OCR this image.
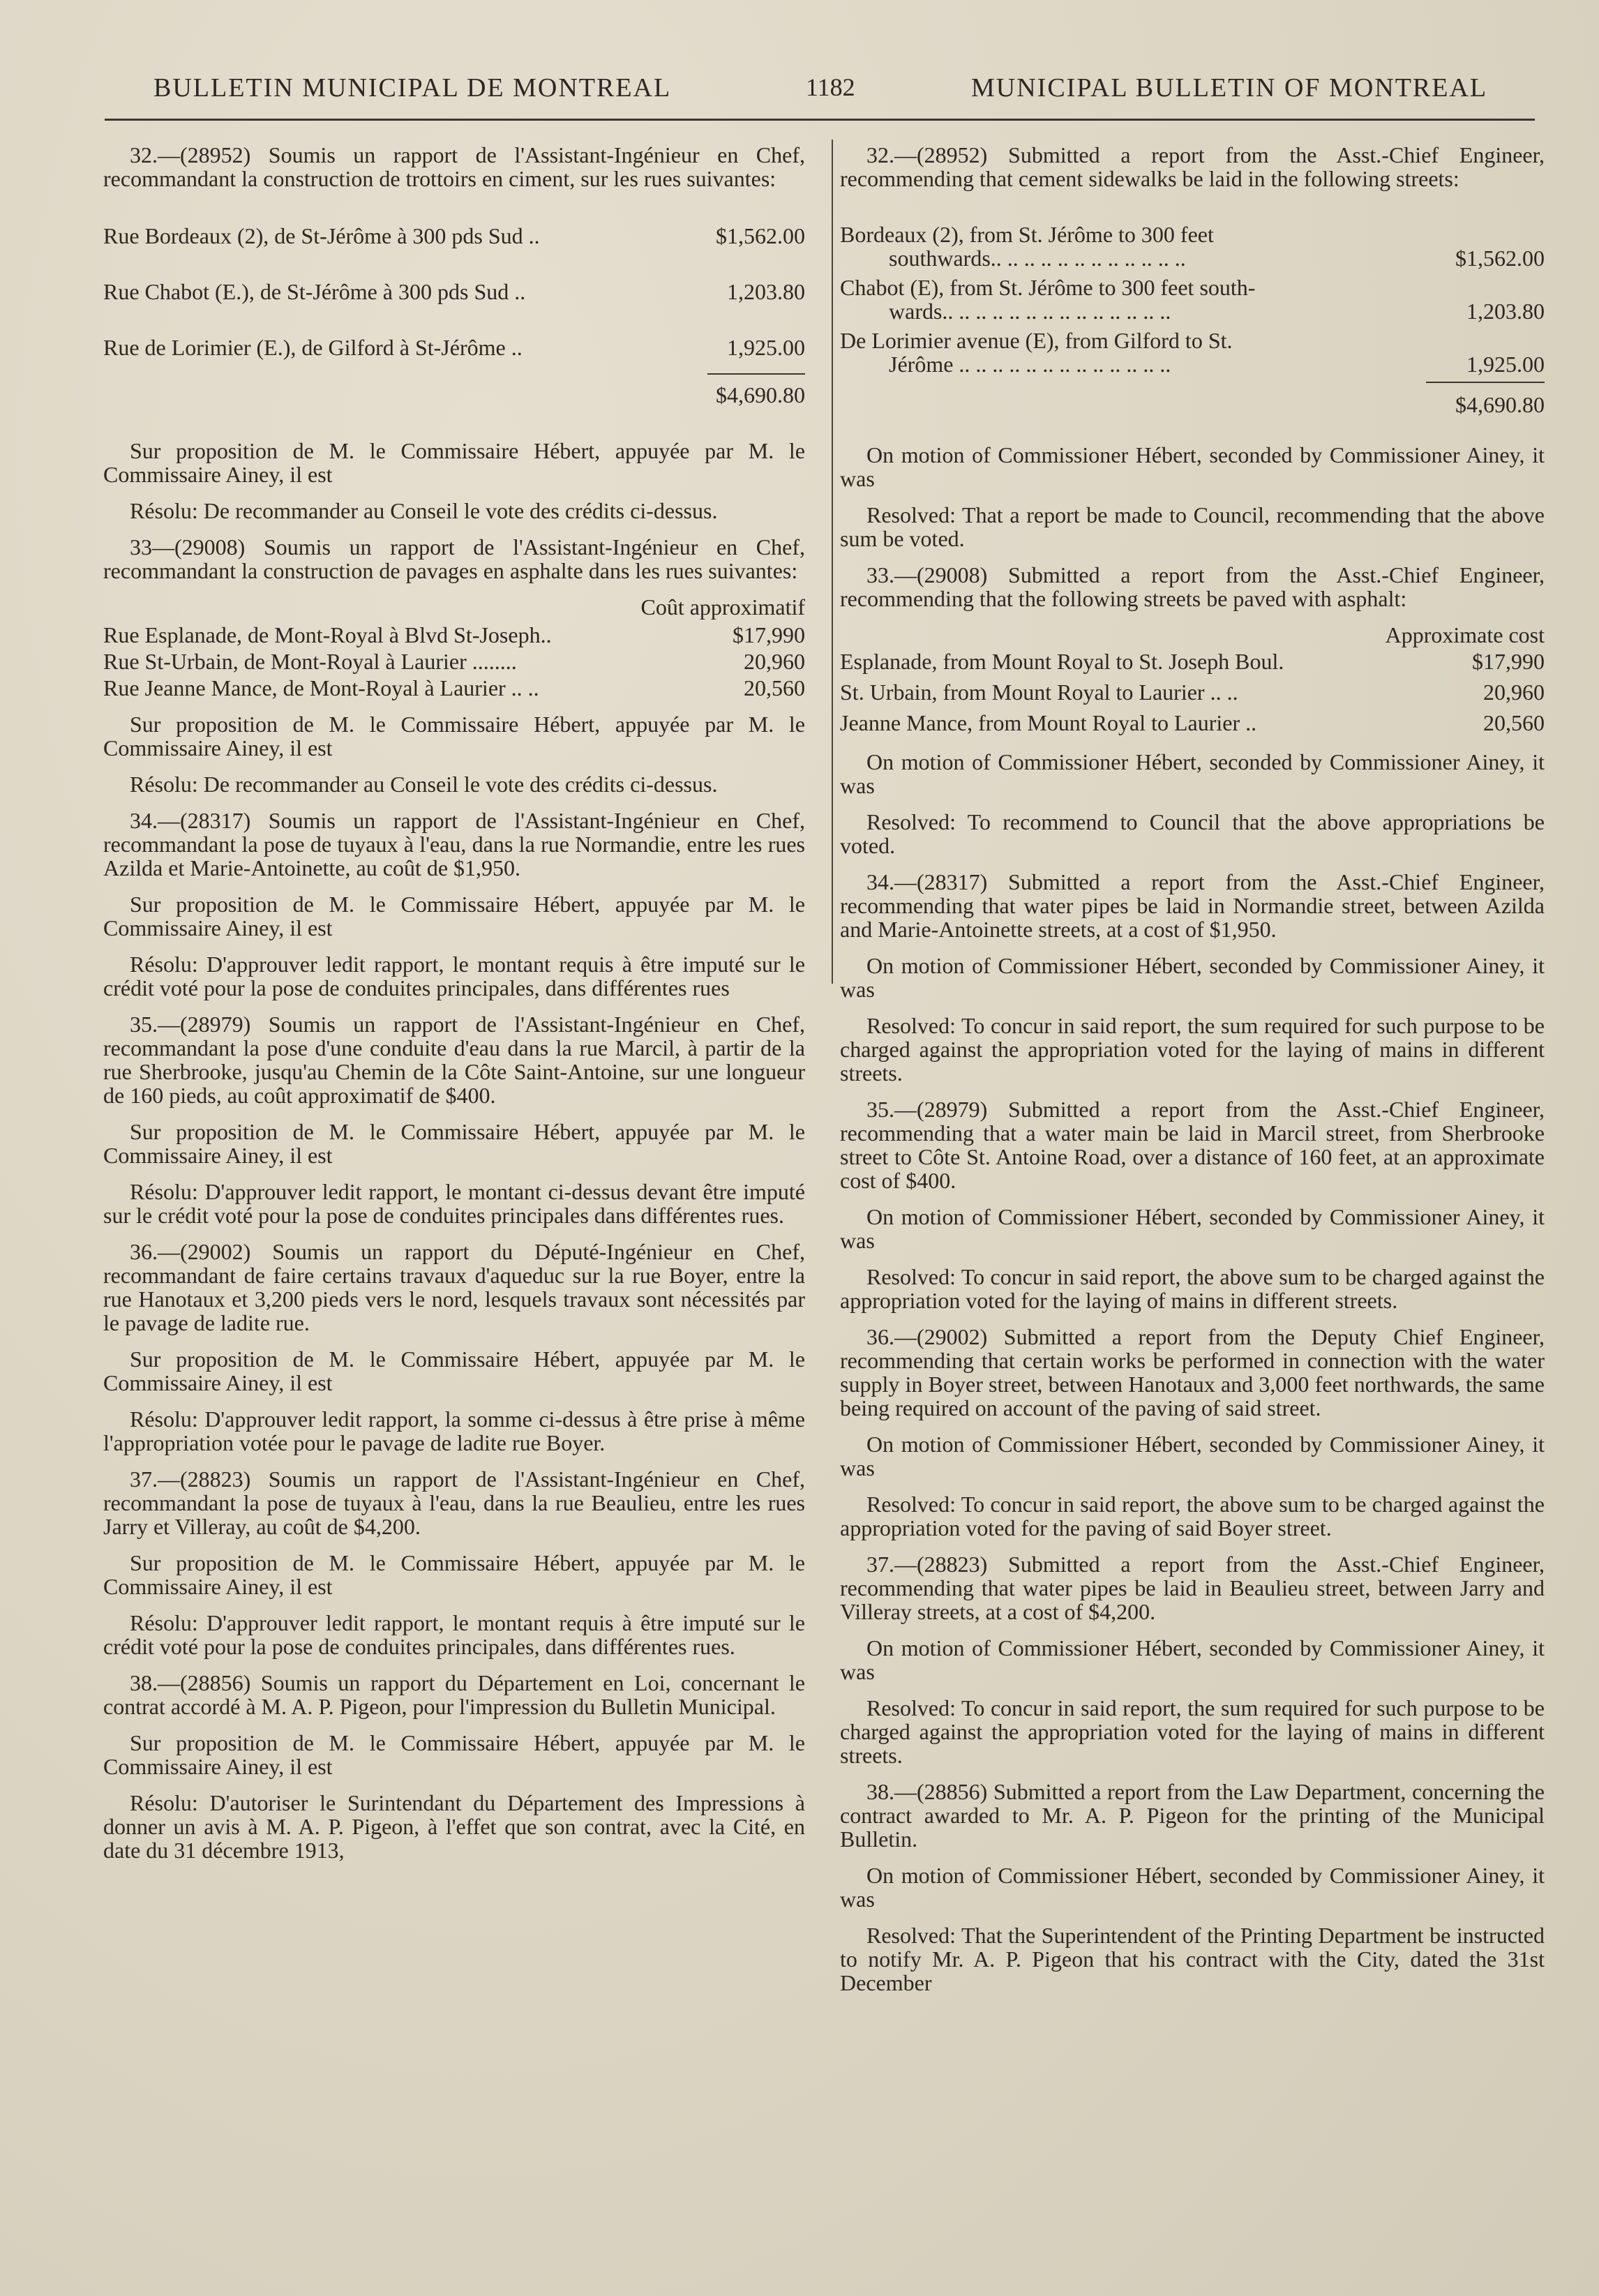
BULLETIN MUNICIPAL DE MONTREAL	1182	MUNICIPAL BULLETIN OF MONTREAL

32.—(28952) Soumis un rapport de l'Assistant-Ingénieur en Chef, recommandant la construction de trottoirs en ciment, sur les rues suivantes:

Rue Bordeaux (2), de St-Jérôme à 300 pds Sud ..	$1,562.00
Rue Chabot (E.), de St-Jérôme à 300 pds Sud ..	1,203.80
Rue de Lorimier (E.), de Gilford à St-Jérôme ..	1,925.00
$4,690.80

Sur proposition de M. le Commissaire Hébert, appuyée par M. le Commissaire Ainey, il est

Résolu: De recommander au Conseil le vote des crédits ci-dessus.

33—(29008) Soumis un rapport de l'Assistant-Ingénieur en Chef, recommandant la construction de pavages en asphalte dans les rues suivantes:

Coût approximatif
Rue Esplanade, de Mont-Royal à Blvd St-Joseph..	$17,990
Rue St-Urbain, de Mont-Royal à Laurier ........	20,960
Rue Jeanne Mance, de Mont-Royal à Laurier .. ..	20,560

Sur proposition de M. le Commissaire Hébert, appuyée par M. le Commissaire Ainey, il est

Résolu: De recommander au Conseil le vote des crédits ci-dessus.

34.—(28317) Soumis un rapport de l'Assistant-Ingénieur en Chef, recommandant la pose de tuyaux à l'eau, dans la rue Normandie, entre les rues Azilda et Marie-Antoinette, au coût de $1,950.

Sur proposition de M. le Commissaire Hébert, appuyée par M. le Commissaire Ainey, il est

Résolu: D'approuver ledit rapport, le montant requis à être imputé sur le crédit voté pour la pose de conduites principales, dans différentes rues

35.—(28979) Soumis un rapport de l'Assistant-Ingénieur en Chef, recommandant la pose d'une conduite d'eau dans la rue Marcil, à partir de la rue Sherbrooke, jusqu'au Chemin de la Côte Saint-Antoine, sur une longueur de 160 pieds, au coût approximatif de $400.

Sur proposition de M. le Commissaire Hébert, appuyée par M. le Commissaire Ainey, il est

Résolu: D'approuver ledit rapport, le montant ci-dessus devant être imputé sur le crédit voté pour la pose de conduites principales dans différentes rues.

36.—(29002) Soumis un rapport du Député-Ingénieur en Chef, recommandant de faire certains travaux d'aqueduc sur la rue Boyer, entre la rue Hanotaux et 3,200 pieds vers le nord, lesquels travaux sont nécessités par le pavage de ladite rue.

Sur proposition de M. le Commissaire Hébert, appuyée par M. le Commissaire Ainey, il est

Résolu: D'approuver ledit rapport, la somme ci-dessus à être prise à même l'appropriation votée pour le pavage de ladite rue Boyer.

37.—(28823) Soumis un rapport de l'Assistant-Ingénieur en Chef, recommandant la pose de tuyaux à l'eau, dans la rue Beaulieu, entre les rues Jarry et Villeray, au coût de $4,200.

Sur proposition de M. le Commissaire Hébert, appuyée par M. le Commissaire Ainey, il est

Résolu: D'approuver ledit rapport, le montant requis à être imputé sur le crédit voté pour la pose de conduites principales, dans différentes rues.

38.—(28856) Soumis un rapport du Département en Loi, concernant le contrat accordé à M. A. P. Pigeon, pour l'impression du Bulletin Municipal.

Sur proposition de M. le Commissaire Hébert, appuyée par M. le Commissaire Ainey, il est

Résolu: D'autoriser le Surintendant du Département des Impressions à donner un avis à M. A. P. Pigeon, à l'effet que son contrat, avec la Cité, en date du 31 décembre 1913,

32.—(28952) Submitted a report from the Asst.-Chief Engineer, recommending that cement sidewalks be laid in the following streets:

Bordeaux (2), from St. Jérôme to 300 feet
southwards.. .. .. .. .. .. .. .. .. .. .. ..	$1,562.00
Chabot (E), from St. Jérôme to 300 feet south-
wards.. .. .. .. .. .. .. .. .. .. .. .. .. ..	1,203.80
De Lorimier avenue (E), from Gilford to St.
Jérôme .. .. .. .. .. .. .. .. .. .. .. .. ..	1,925.00
$4,690.80

On motion of Commissioner Hébert, seconded by Commissioner Ainey, it was

Resolved: That a report be made to Council, recommending that the above sum be voted.

33.—(29008) Submitted a report from the Asst.-Chief Engineer, recommending that the following streets be paved with asphalt:

Approximate cost
Esplanade, from Mount Royal to St. Joseph Boul.	$17,990
St. Urbain, from Mount Royal to Laurier .. ..	20,960
Jeanne Mance, from Mount Royal to Laurier ..	20,560

On motion of Commissioner Hébert, seconded by Commissioner Ainey, it was

Resolved: To recommend to Council that the above appropriations be voted.

34.—(28317) Submitted a report from the Asst.-Chief Engineer, recommending that water pipes be laid in Normandie street, between Azilda and Marie-Antoinette streets, at a cost of $1,950.

On motion of Commissioner Hébert, seconded by Commissioner Ainey, it was

Resolved: To concur in said report, the sum required for such purpose to be charged against the appropriation voted for the laying of mains in different streets.

35.—(28979) Submitted a report from the Asst.-Chief Engineer, recommending that a water main be laid in Marcil street, from Sherbrooke street to Côte St. Antoine Road, over a distance of 160 feet, at an approximate cost of $400.

On motion of Commissioner Hébert, seconded by Commissioner Ainey, it was

Resolved: To concur in said report, the above sum to be charged against the appropriation voted for the laying of mains in different streets.

36.—(29002) Submitted a report from the Deputy Chief Engineer, recommending that certain works be performed in connection with the water supply in Boyer street, between Hanotaux and 3,000 feet northwards, the same being required on account of the paving of said street.

On motion of Commissioner Hébert, seconded by Commissioner Ainey, it was

Resolved: To concur in said report, the above sum to be charged against the appropriation voted for the paving of said Boyer street.

37.—(28823) Submitted a report from the Asst.-Chief Engineer, recommending that water pipes be laid in Beaulieu street, between Jarry and Villeray streets, at a cost of $4,200.

On motion of Commissioner Hébert, seconded by Commissioner Ainey, it was

Resolved: To concur in said report, the sum required for such purpose to be charged against the appropriation voted for the laying of mains in different streets.

38.—(28856) Submitted a report from the Law Department, concerning the contract awarded to Mr. A. P. Pigeon for the printing of the Municipal Bulletin.

On motion of Commissioner Hébert, seconded by Commissioner Ainey, it was

Resolved: That the Superintendent of the Printing Department be instructed to notify Mr. A. P. Pigeon that his contract with the City, dated the 31st December
